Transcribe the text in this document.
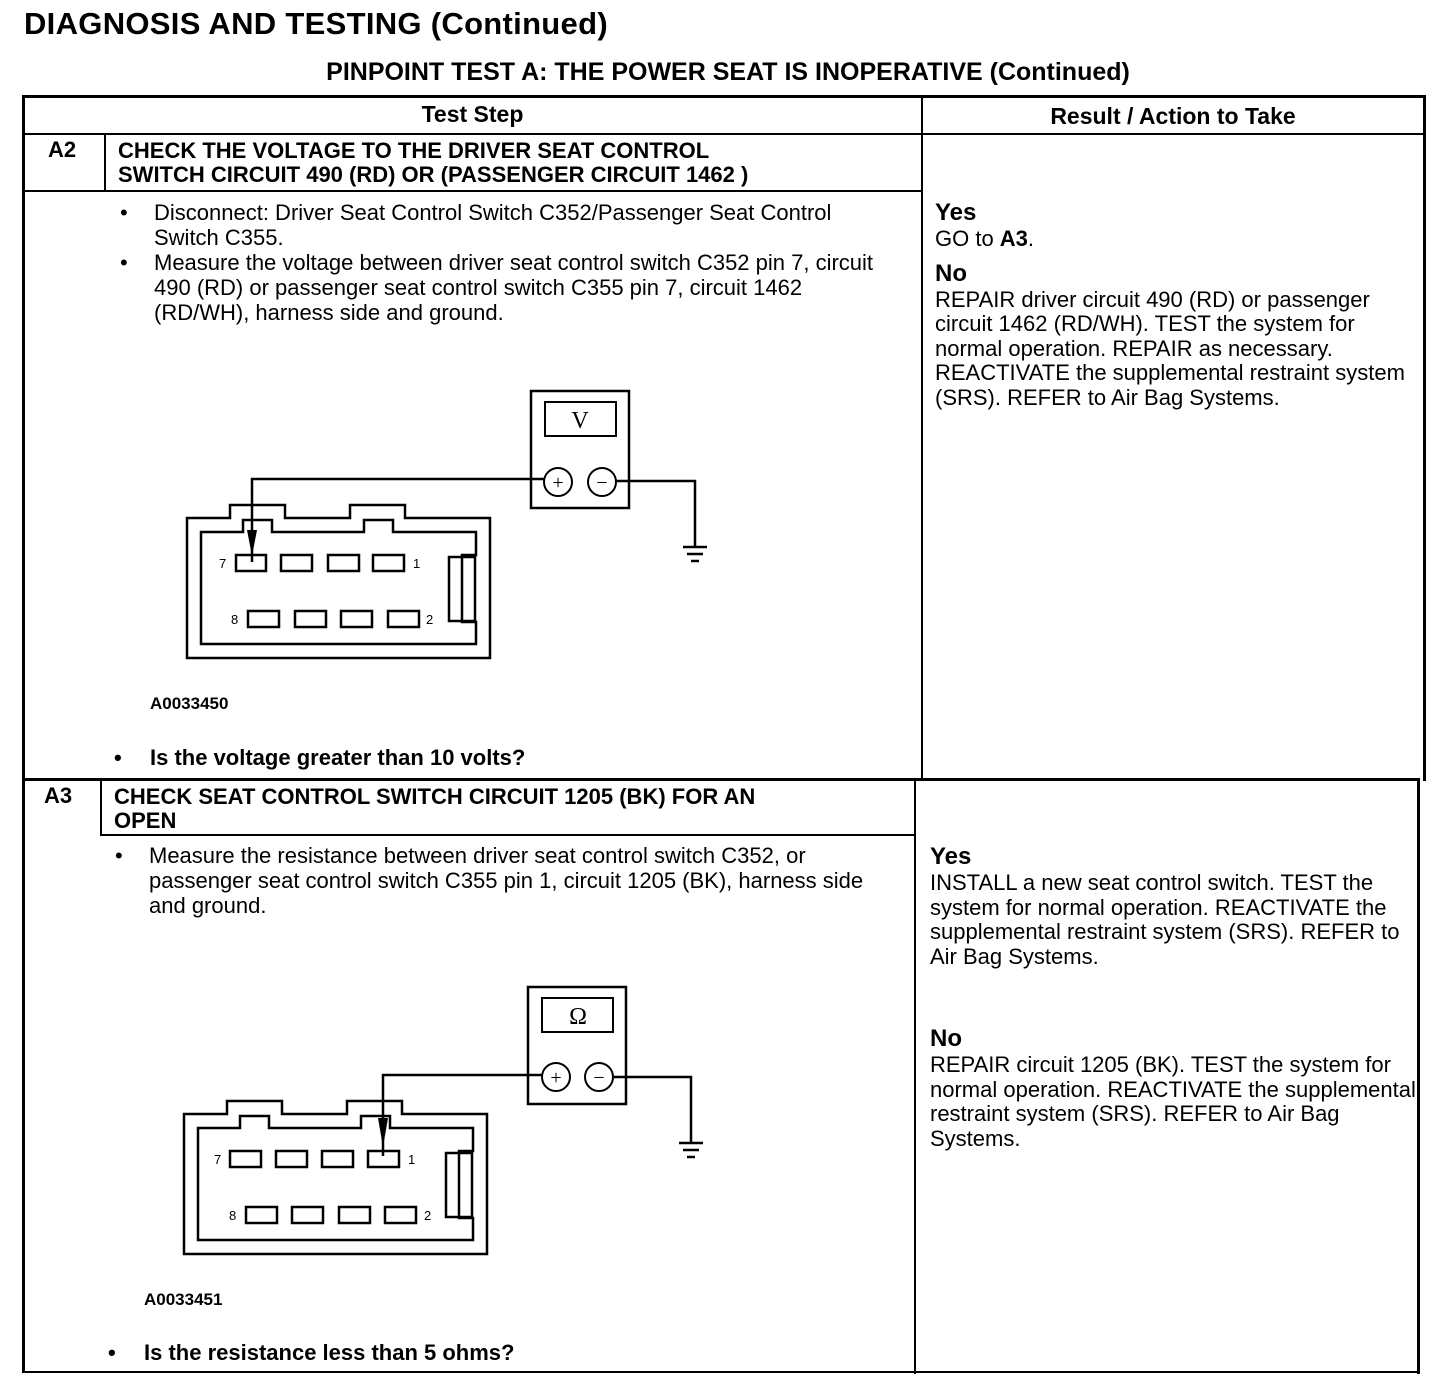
DIAGNOSIS AND TESTING (Continued)
PINPOINT TEST A: THE POWER SEAT IS INOPERATIVE (Continued)
Test Step	Result / Action to Take
A2 CHECK THE VOLTAGE TO THE DRIVER SEAT CONTROL
SWITCH CIRCUIT 490 (RD) OR (PASSENGER CIRCUIT 1462 )
• Disconnect: Driver Seat Control Switch C352/Passenger Seat Control Switch C355.
• Measure the voltage between driver seat control switch C352 pin 7, circuit 490 (RD) or passenger seat control switch C355 pin 7, circuit 1462 (RD/WH), harness side and ground.
V
+ −
7	1
8	2
A0033450
• Is the voltage greater than 10 volts?
Yes
GO to A3.
No
REPAIR driver circuit 490 (RD) or passenger circuit 1462 (RD/WH). TEST the system for normal operation. REPAIR as necessary. REACTIVATE the supplemental restraint system (SRS). REFER to Air Bag Systems.
A3 CHECK SEAT CONTROL SWITCH CIRCUIT 1205 (BK) FOR AN
OPEN
• Measure the resistance between driver seat control switch C352, or passenger seat control switch C355 pin 1, circuit 1205 (BK), harness side and ground.
Ω
+ −
7	1
8	2
A0033451
• Is the resistance less than 5 ohms?
Yes
INSTALL a new seat control switch. TEST the system for normal operation. REACTIVATE the supplemental restraint system (SRS). REFER to Air Bag Systems.
No
REPAIR circuit 1205 (BK). TEST the system for normal operation. REACTIVATE the supplemental restraint system (SRS). REFER to Air Bag Systems.
